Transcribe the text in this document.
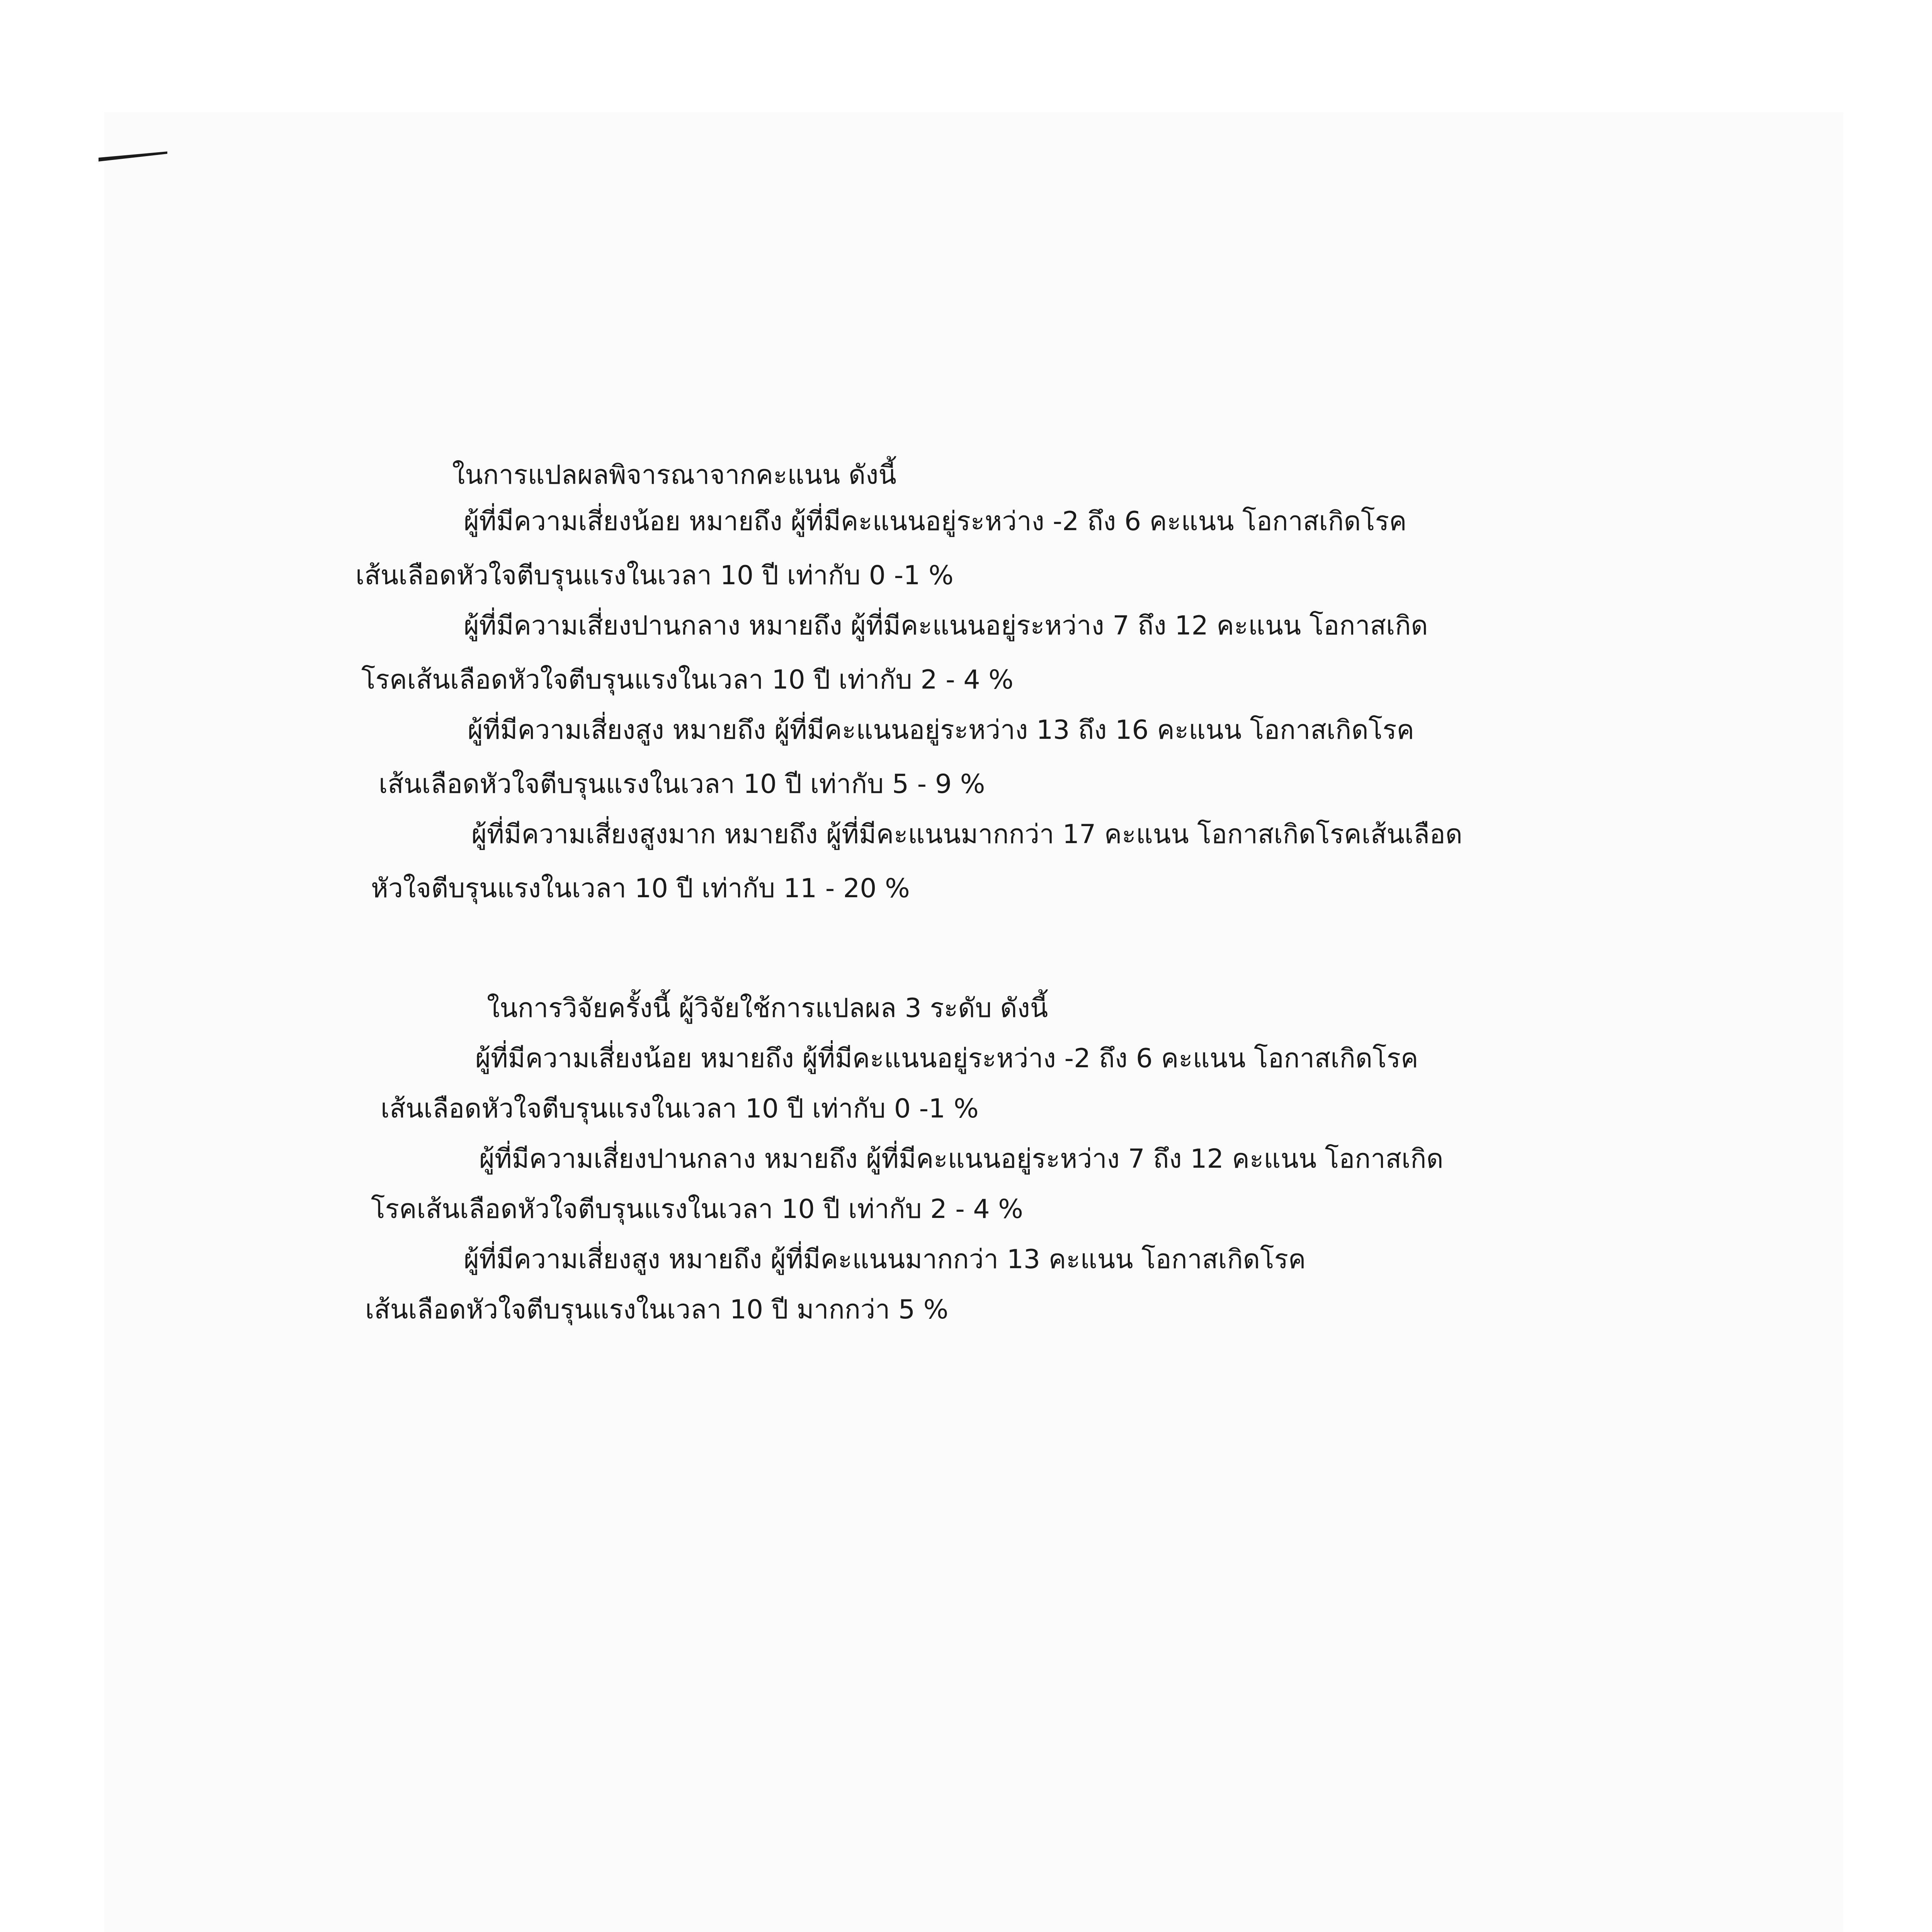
ในการแปลผลพิจารณาจากคะแนน ดังนี้
ผู้ที่มีความเสี่ยงน้อย หมายถึง ผู้ที่มีคะแนนอยู่ระหว่าง -2 ถึง 6 คะแนน โอกาสเกิดโรค
เส้นเลือดหัวใจตีบรุนแรงในเวลา 10 ปี เท่ากับ 0 -1 %
ผู้ที่มีความเสี่ยงปานกลาง หมายถึง ผู้ที่มีคะแนนอยู่ระหว่าง 7 ถึง 12 คะแนน โอกาสเกิด
โรคเส้นเลือดหัวใจตีบรุนแรงในเวลา 10 ปี เท่ากับ 2 - 4 %
ผู้ที่มีความเสี่ยงสูง หมายถึง ผู้ที่มีคะแนนอยู่ระหว่าง 13 ถึง 16 คะแนน โอกาสเกิดโรค
เส้นเลือดหัวใจตีบรุนแรงในเวลา 10 ปี เท่ากับ 5 - 9 %
ผู้ที่มีความเสี่ยงสูงมาก หมายถึง ผู้ที่มีคะแนนมากกว่า 17 คะแนน โอกาสเกิดโรคเส้นเลือด
หัวใจตีบรุนแรงในเวลา 10 ปี เท่ากับ 11 - 20 %
ในการวิจัยครั้งนี้ ผู้วิจัยใช้การแปลผล 3 ระดับ ดังนี้
ผู้ที่มีความเสี่ยงน้อย หมายถึง ผู้ที่มีคะแนนอยู่ระหว่าง -2 ถึง 6 คะแนน โอกาสเกิดโรค
เส้นเลือดหัวใจตีบรุนแรงในเวลา 10 ปี เท่ากับ 0 -1 %
ผู้ที่มีความเสี่ยงปานกลาง หมายถึง ผู้ที่มีคะแนนอยู่ระหว่าง 7 ถึง 12 คะแนน โอกาสเกิด
โรคเส้นเลือดหัวใจตีบรุนแรงในเวลา 10 ปี เท่ากับ 2 - 4 %
ผู้ที่มีความเสี่ยงสูง หมายถึง ผู้ที่มีคะแนนมากกว่า 13 คะแนน โอกาสเกิดโรค
เส้นเลือดหัวใจตีบรุนแรงในเวลา 10 ปี มากกว่า 5 %
